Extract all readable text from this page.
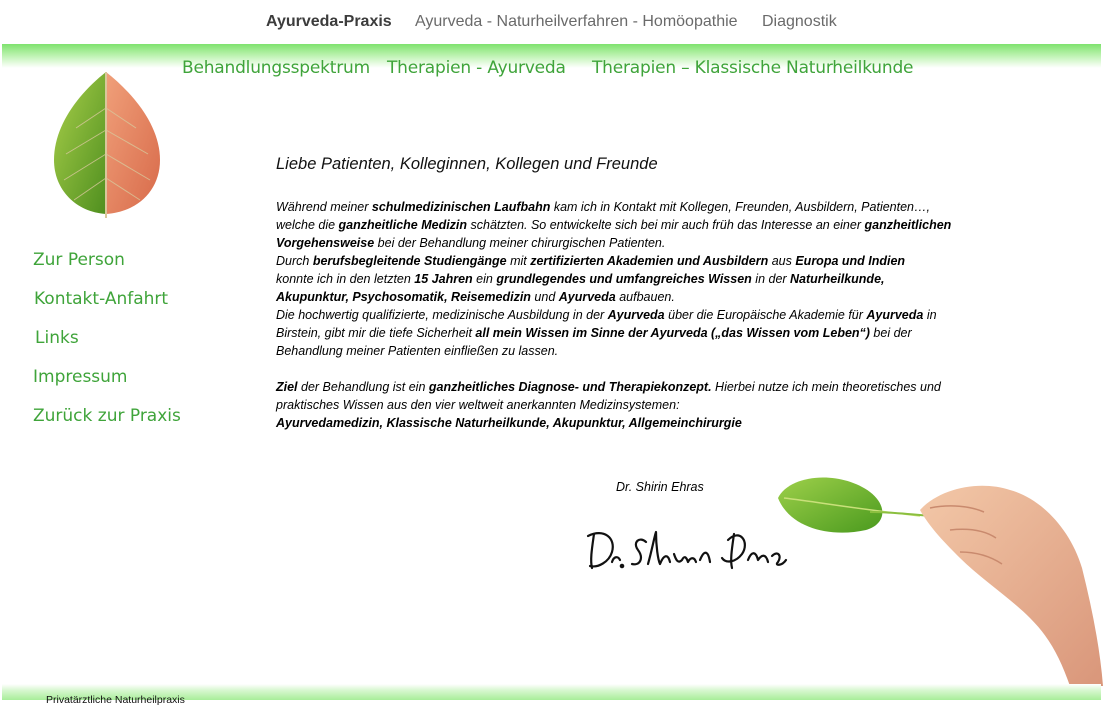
Ayurveda-Praxis Ayurveda - Naturheilverfahren - Homöopathie Diagnostik
Behandlungsspektrum Therapien - Ayurveda Therapien – Klassische Naturheilkunde
Zur Person
Kontakt-Anfahrt
Links
Impressum
Zurück zur Praxis
Liebe Patienten, Kolleginnen, Kollegen und Freunde

Während meiner schulmedizinischen Laufbahn kam ich in Kontakt mit Kollegen, Freunden, Ausbildern, Patienten…,
welche die ganzheitliche Medizin schätzten. So entwickelte sich bei mir auch früh das Interesse an einer ganzheitlichen Vorgehensweise bei der Behandlung meiner chirurgischen Patienten.
Durch berufsbegleitende Studiengänge mit zertifizierten Akademien und Ausbildern aus Europa und Indien
konnte ich in den letzten 15 Jahren ein grundlegendes und umfangreiches Wissen in der Naturheilkunde, Akupunktur, Psychosomatik, Reisemedizin und Ayurveda aufbauen.
Die hochwertig qualifizierte, medizinische Ausbildung in der Ayurveda über die Europäische Akademie für Ayurveda in Birstein, gibt mir die tiefe Sicherheit all mein Wissen im Sinne der Ayurveda („das Wissen vom Leben“) bei der Behandlung meiner Patienten einfließen zu lassen.

Ziel der Behandlung ist ein ganzheitliches Diagnose- und Therapiekonzept. Hierbei nutze ich mein theoretisches und praktisches Wissen aus den vier weltweit anerkannten Medizinsystemen:
Ayurvedamedizin, Klassische Naturheilkunde, Akupunktur, Allgemeinchirurgie

Dr. Shirin Ehras
Privatärztliche Naturheilpraxis
